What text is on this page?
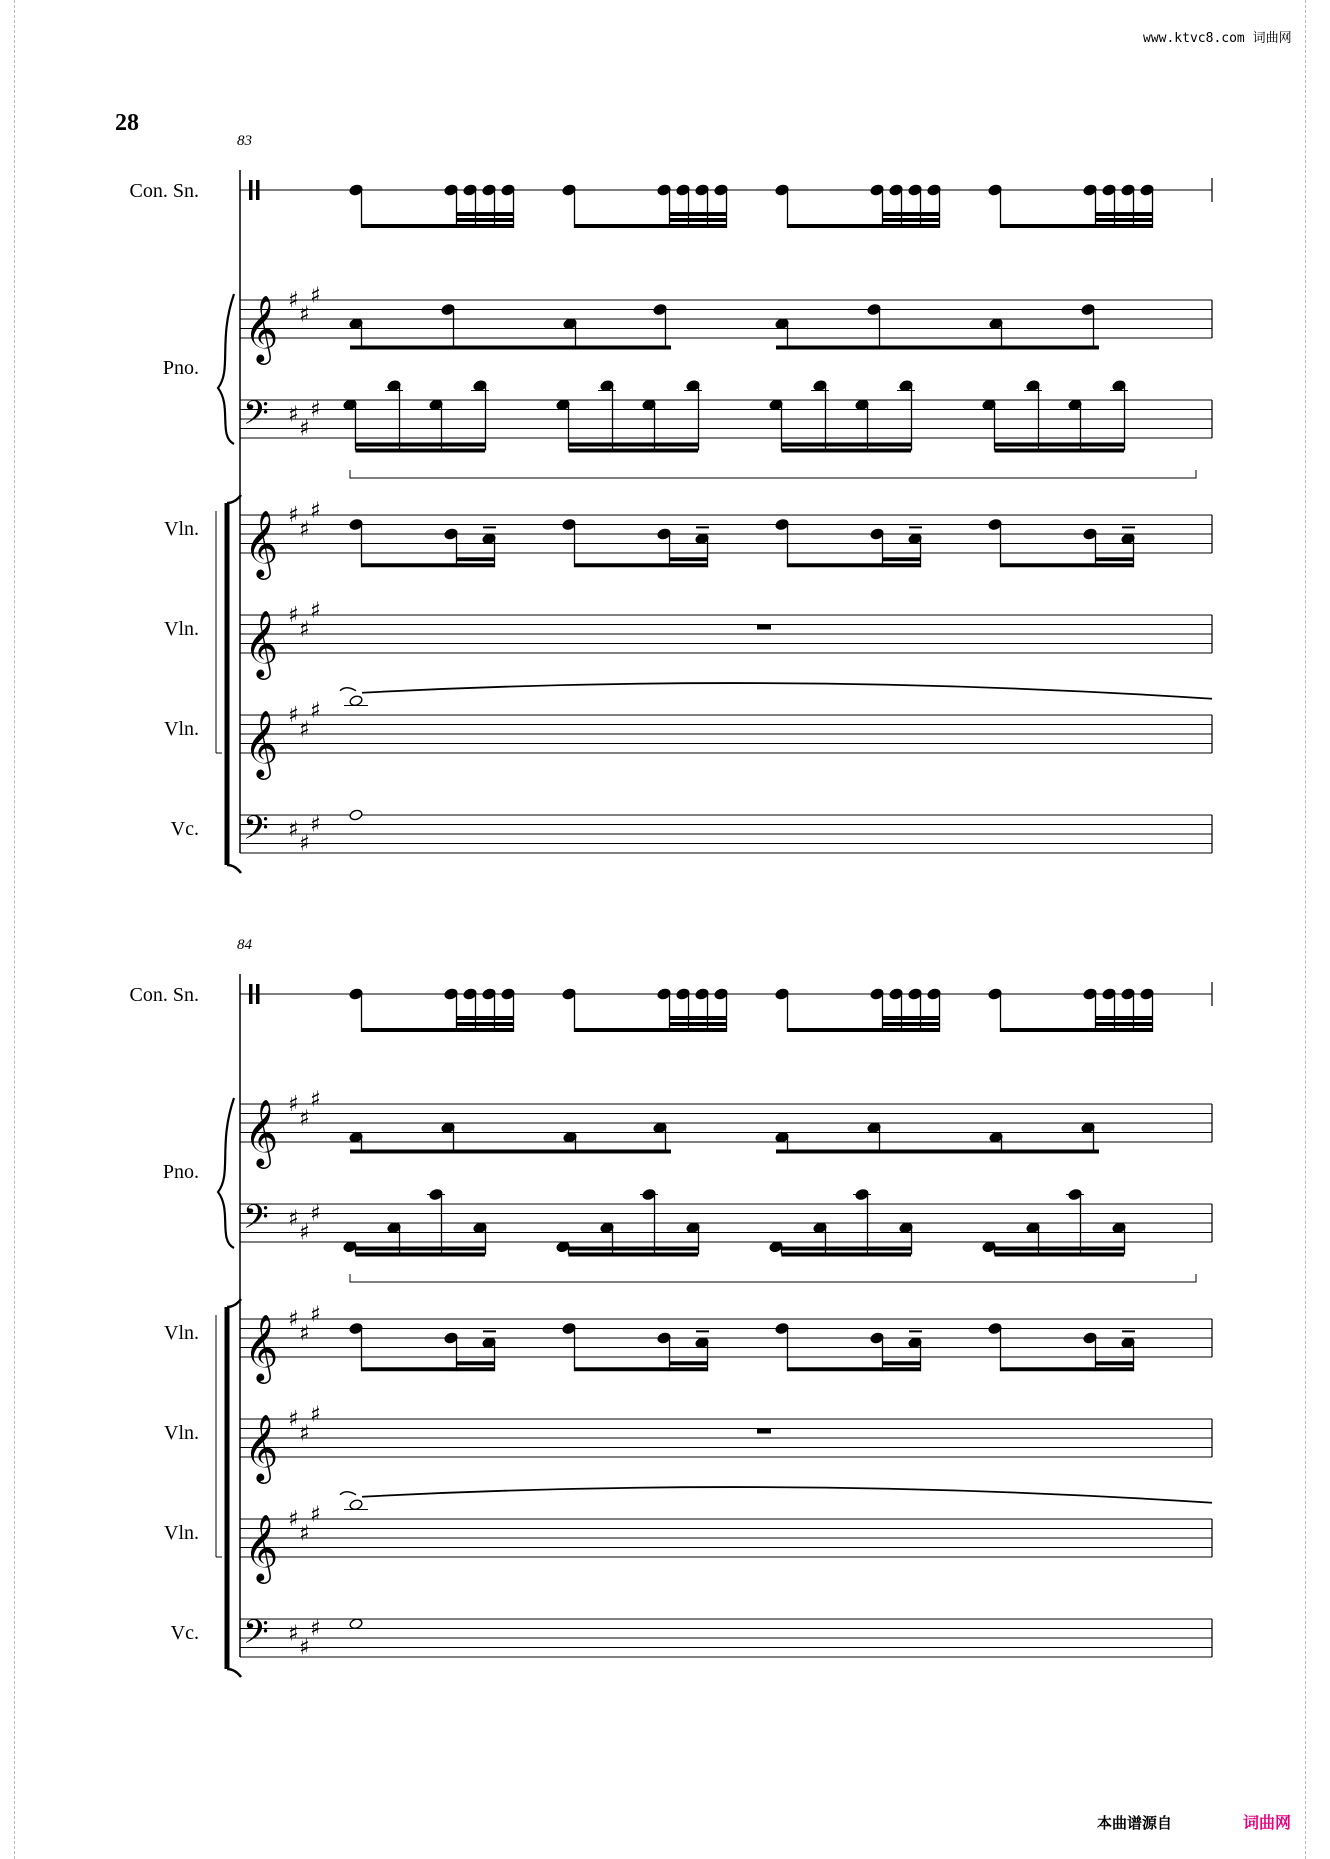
www.ktvc8.com 词曲网
28
83
84
Con. Sn.
Pno.
Vln.
Vln.
Vln.
Vc.
Con. Sn.
Pno.
Vln.
Vln.
Vln.
Vc.
𝄞 ♯
♯
♯
𝄢 ♯
♯
♯
𝄞 ♯
♯
♯
𝄞 ♯
♯
♯
𝄞 ♯
♯
♯
𝄢 ♯
♯
♯
𝄞 ♯
♯
♯
𝄢 ♯
♯
♯
𝄞 ♯
♯
♯
𝄞 ♯
♯
♯
𝄞 ♯
♯
♯
𝄢 ♯
♯
♯
本曲谱源自	词曲网
